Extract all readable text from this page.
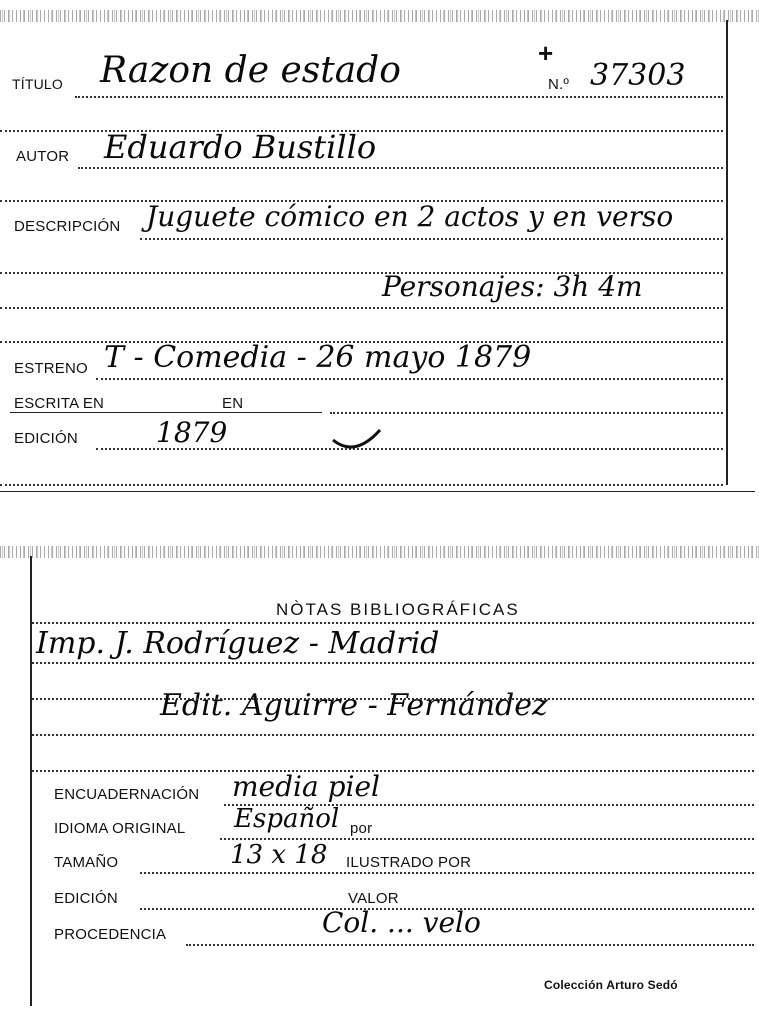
TÍTULO Razon de estado	+
N.º 37303
AUTOR Eduardo Bustillo
DESCRIPCIÓN Juguete cómico en 2 actos y en verso
Personajes: 3h 4m
ESTRENO T - Comedia - 26 mayo 1879
ESCRITA EN	EN
EDICIÓN	1879
NÒTAS BIBLIOGRÁFICAS
Imp. J. Rodríguez - Madrid
Edit. Aguirre - Fernández
ENCUADERNACIÓN media piel
IDIOMA ORIGINAL Español por
TAMAÑO	13 x 18 ILUSTRADO POR
EDICIÓN	VALOR
PROCEDENCIA	Col. ... velo
Colección Arturo Sedó
